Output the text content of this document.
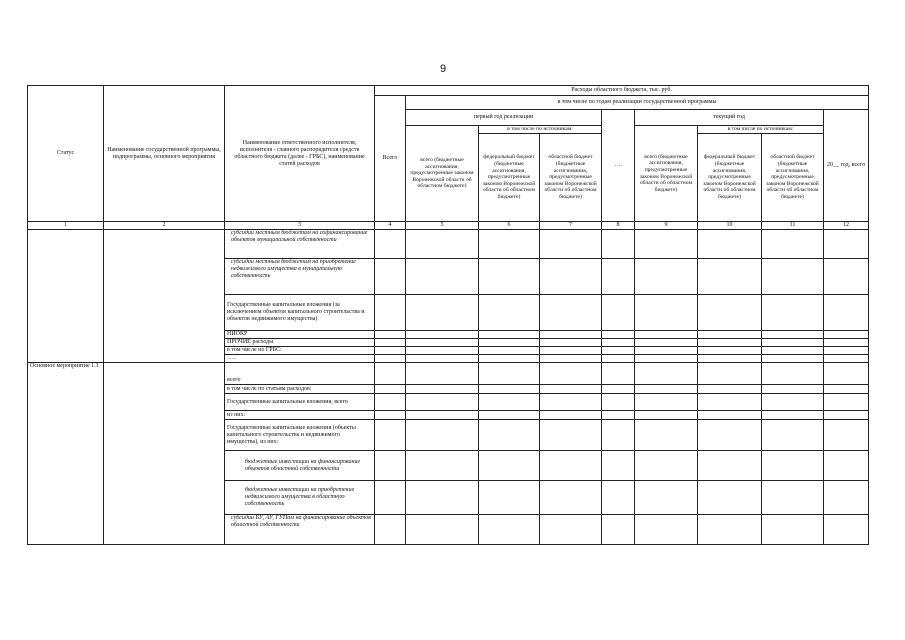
9
Статус	Наименование государственной программы, подпрограммы, основного мероприятия	Наименование ответственного исполнителя, исполнителя - главного распорядителя средств областного бюджета (далее - ГРБС), наименование статей расходов	Расходы областного бюджета, тыс. руб.								
			Всего	в том числе по годам реализации государственной программы							
				первый год реализации			….	текущий год			20__ год, всего
				всего (бюджетные ассигнования, предусмотренные законом Воронежской области об областном бюджете)	в том числе по источникам:			всего (бюджетные ассигнования, предусмотренные законом Воронежской области об областном бюджете)	в том числе по источникам:		
					федеральный бюджет (бюджетные ассигнования, предусмотренные законом Воронежской области об областном бюджете)	областной бюджет (бюджетные ассигнования, предусмотренные законом Воронежской области об областном бюджете)			федеральный бюджет (бюджетные ассигнования, предусмотренные законом Воронежской области об областном бюджете)	областной бюджет (бюджетные ассигнования, предусмотренные законом Воронежской области об областном бюджете)	
1	2	3	4	5	6	7	8	9	10	11	12
		субсидии местным бюджетам на софинансирование объектов муниципальной собственности									
		субсидии местным бюджетам на приобретение недвижимого имущества в муниципальную собственность									
		Государственные капитальные вложения (за исключением объектов капитального строительства и объектов недвижимого имущества)									
		НИОКР									
		ПРОЧИЕ расходы									
		в том числе по ГРБС:									
		…..									
Основное мероприятие 1.1		всего									
		в том числе по статьям расходов:									
		Государственные капитальные вложения, всего									
		из них:									
		Государственные капитальные вложения (объекты капитального строительства и недвижимого имущества), из них:									
		бюджетные инвестиции на финансирование объектов областной собственности									
		бюджетные инвестиции на приобретение недвижимого имущества в областную собственность									
		субсидии БУ, АУ, ГУПам на финансирование объектов областной собственности									
